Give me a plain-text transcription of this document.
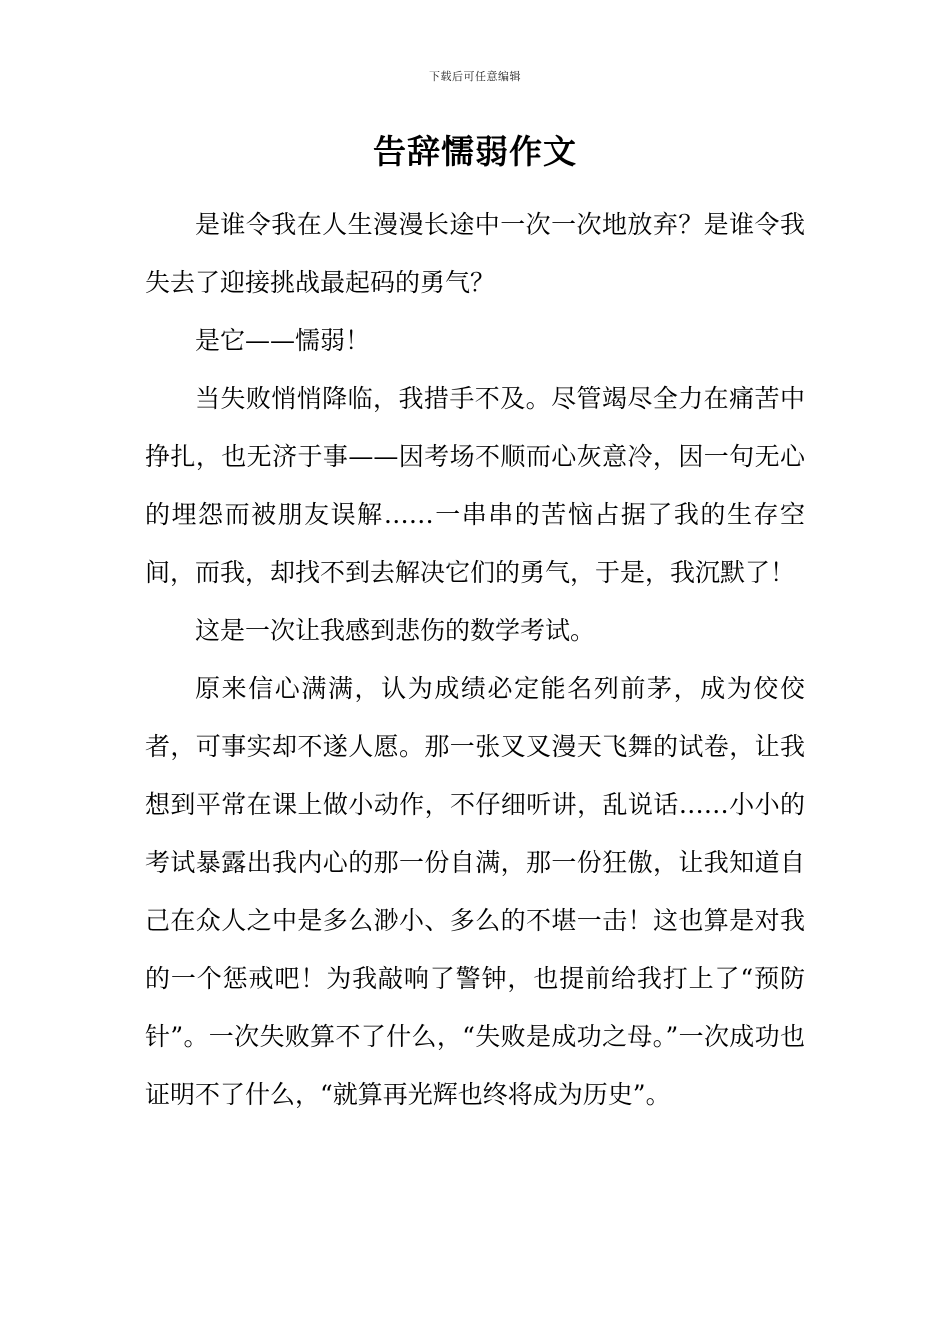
下载后可任意编辑
告辞懦弱作文

是谁令我在人生漫漫长途中一次一次地放弃？是谁令我失去了迎接挑战最起码的勇气？

是它——懦弱！

当失败悄悄降临，我措手不及。尽管竭尽全力在痛苦中挣扎，也无济于事——因考场不顺而心灰意冷，因一句无心的埋怨而被朋友误解……一串串的苦恼占据了我的生存空间，而我，却找不到去解决它们的勇气，于是，我沉默了！

这是一次让我感到悲伤的数学考试。

原来信心满满，认为成绩必定能名列前茅，成为佼佼者，可事实却不遂人愿。那一张叉叉漫天飞舞的试卷，让我想到平常在课上做小动作，不仔细听讲，乱说话……小小的考试暴露出我内心的那一份自满，那一份狂傲，让我知道自己在众人之中是多么渺小、多么的不堪一击！这也算是对我的一个惩戒吧！为我敲响了警钟，也提前给我打上了“预防针”。一次失败算不了什么，“失败是成功之母。”一次成功也证明不了什么，“就算再光辉也终将成为历史”。
